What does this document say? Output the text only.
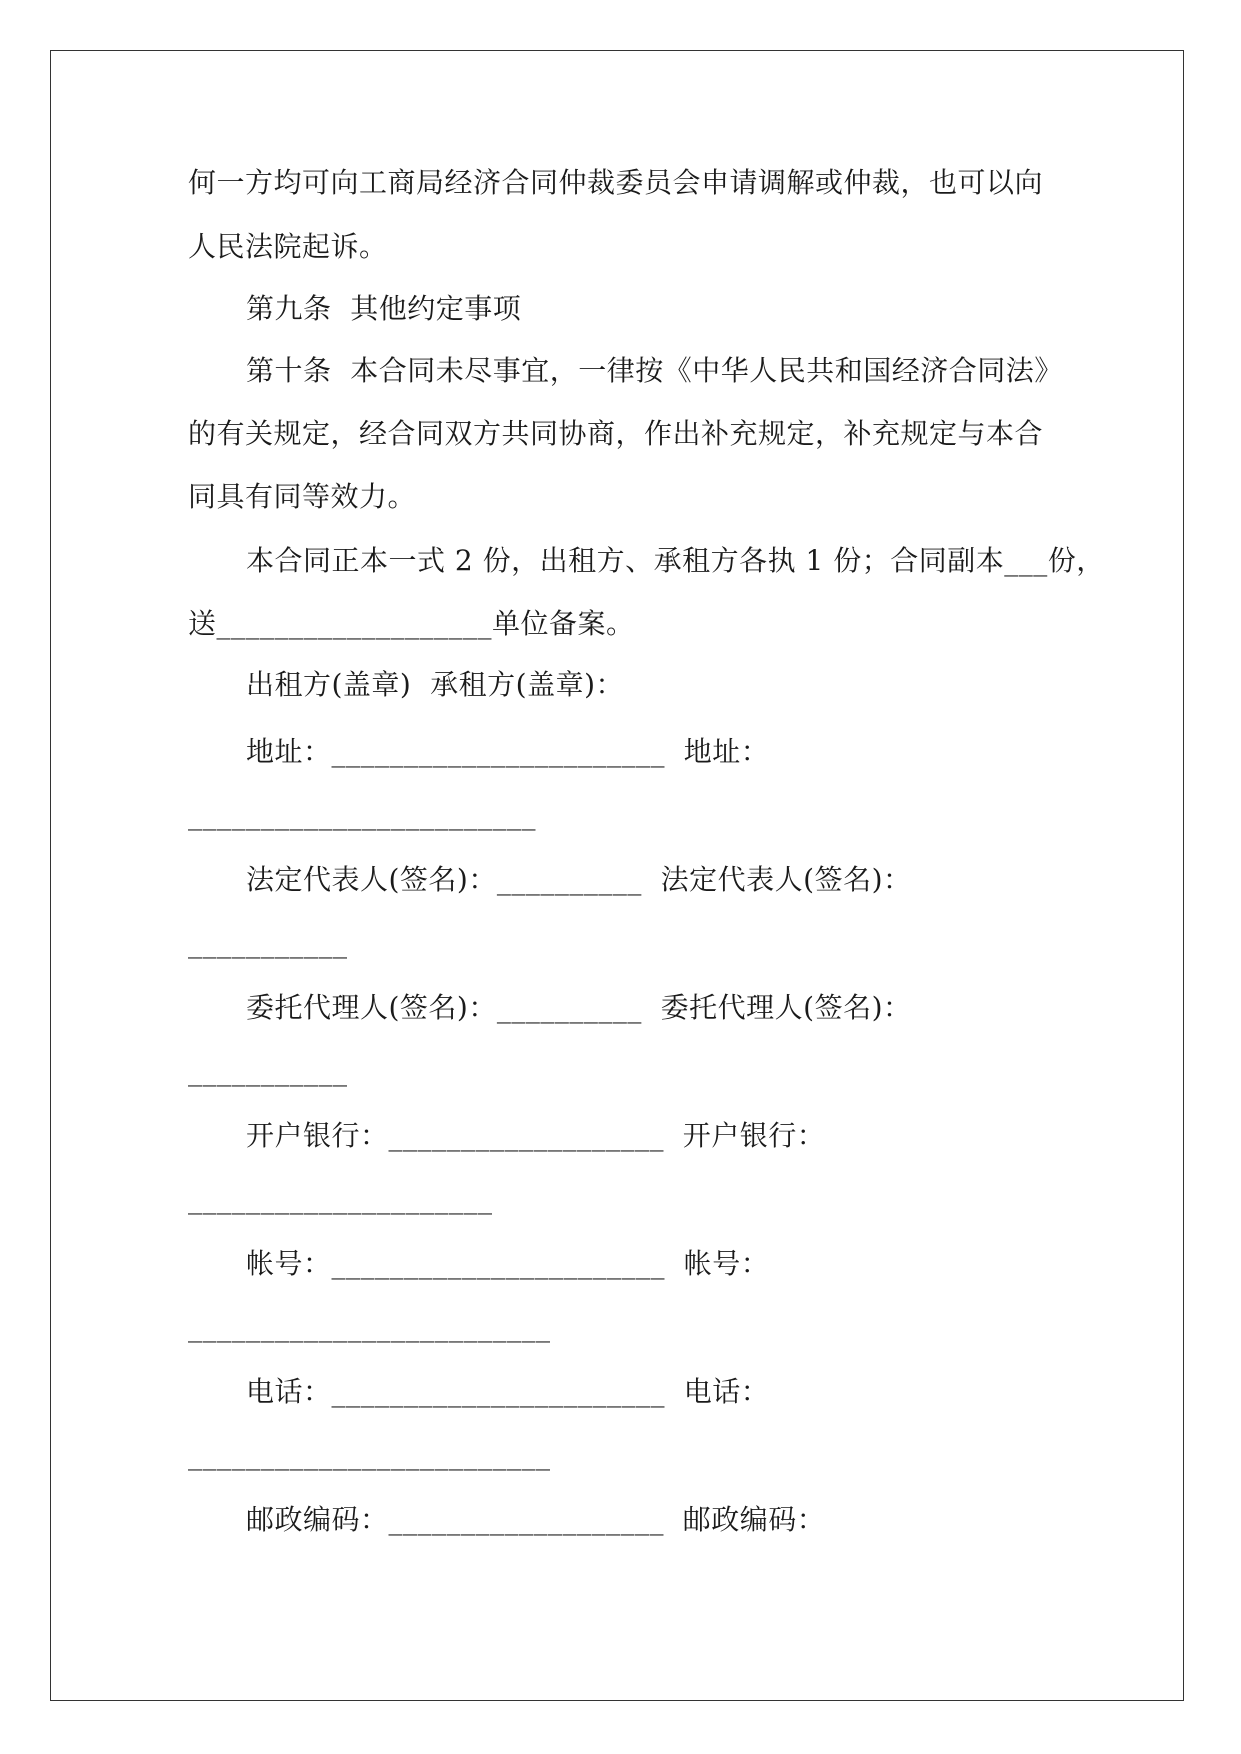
何一方均可向工商局经济合同仲裁委员会申请调解或仲裁，也可以向
人民法院起诉。
第九条  其他约定事项
第十条  本合同未尽事宜，一律按《中华人民共和国经济合同法》
的有关规定，经合同双方共同协商，作出补充规定，补充规定与本合
同具有同等效力。
本合同正本一式 2 份，出租方、承租方各执 1 份；合同副本___份，
送___________________单位备案。
出租方(盖章)  承租方(盖章)：
地址：_______________________  地址：
________________________
法定代表人(签名)：__________  法定代表人(签名)：
___________
委托代理人(签名)：__________  委托代理人(签名)：
___________
开户银行：___________________  开户银行：
_____________________
帐号：_______________________  帐号：
_________________________
电话：_______________________  电话：
_________________________
邮政编码：___________________  邮政编码：
